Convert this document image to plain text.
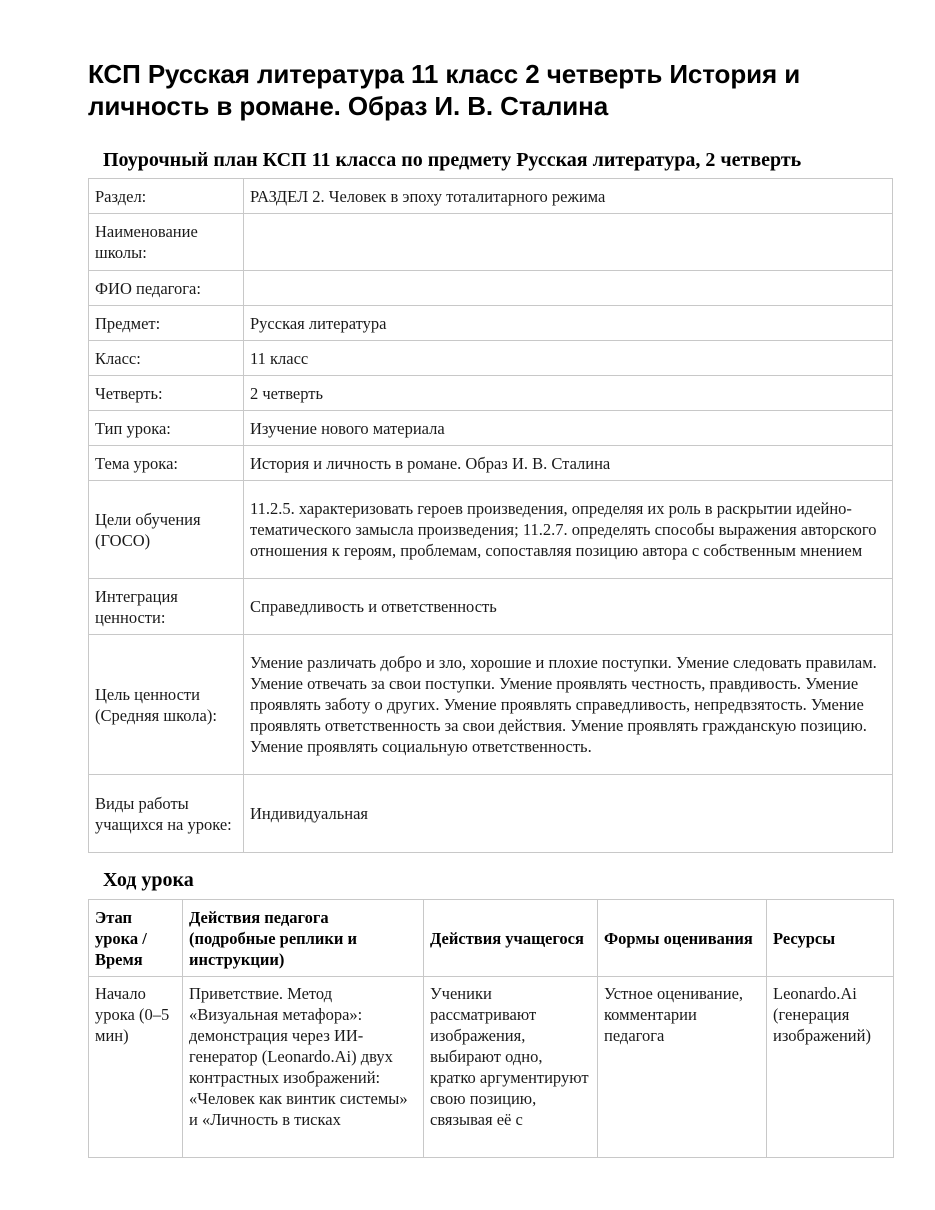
КСП Русская литература 11 класс 2 четверть История и личность в романе. Образ И. В. Сталина
Поурочный план КСП 11 класса по предмету Русская литература, 2 четверть
Раздел:	РАЗДЕЛ 2. Человек в эпоху тоталитарного режима
Наименование школы:	
ФИО педагога:	
Предмет:	Русская литература
Класс:	11 класс
Четверть:	2 четверть
Тип урока:	Изучение нового материала
Тема урока:	История и личность в романе. Образ И. В. Сталина
Цели обучения (ГОСО)	11.2.5. характеризовать героев произведения, определяя их роль в раскрытии идейно-тематического замысла произведения; 11.2.7. определять способы выражения авторского отношения к героям, проблемам, сопоставляя позицию автора с собственным мнением
Интеграция ценности:	Справедливость и ответственность
Цель ценности (Средняя школа):	Умение различать добро и зло, хорошие и плохие поступки. Умение следовать правилам. Умение отвечать за свои поступки. Умение проявлять честность, правдивость. Умение проявлять заботу о других. Умение проявлять справедливость, непредвзятость. Умение проявлять ответственность за свои действия. Умение проявлять гражданскую позицию. Умение проявлять социальную ответственность.
Виды работы учащихся на уроке:	Индивидуальная
Ход урока
Этап урока / Время	Действия педагога (подробные реплики и инструкции)	Действия учащегося	Формы оценивания	Ресурсы

Начало урока (0–5 мин)	Приветствие. Метод «Визуальная метафора»: демонстрация через ИИ-генератор (Leonardo.Ai) двух контрастных изображений: «Человек как винтик системы» и «Личность в тисках	Ученики рассматривают изображения, выбирают одно, кратко аргументируют свою позицию, связывая её с	Устное оценивание, комментарии педагога	Leonardo.Ai (генерация изображений)
